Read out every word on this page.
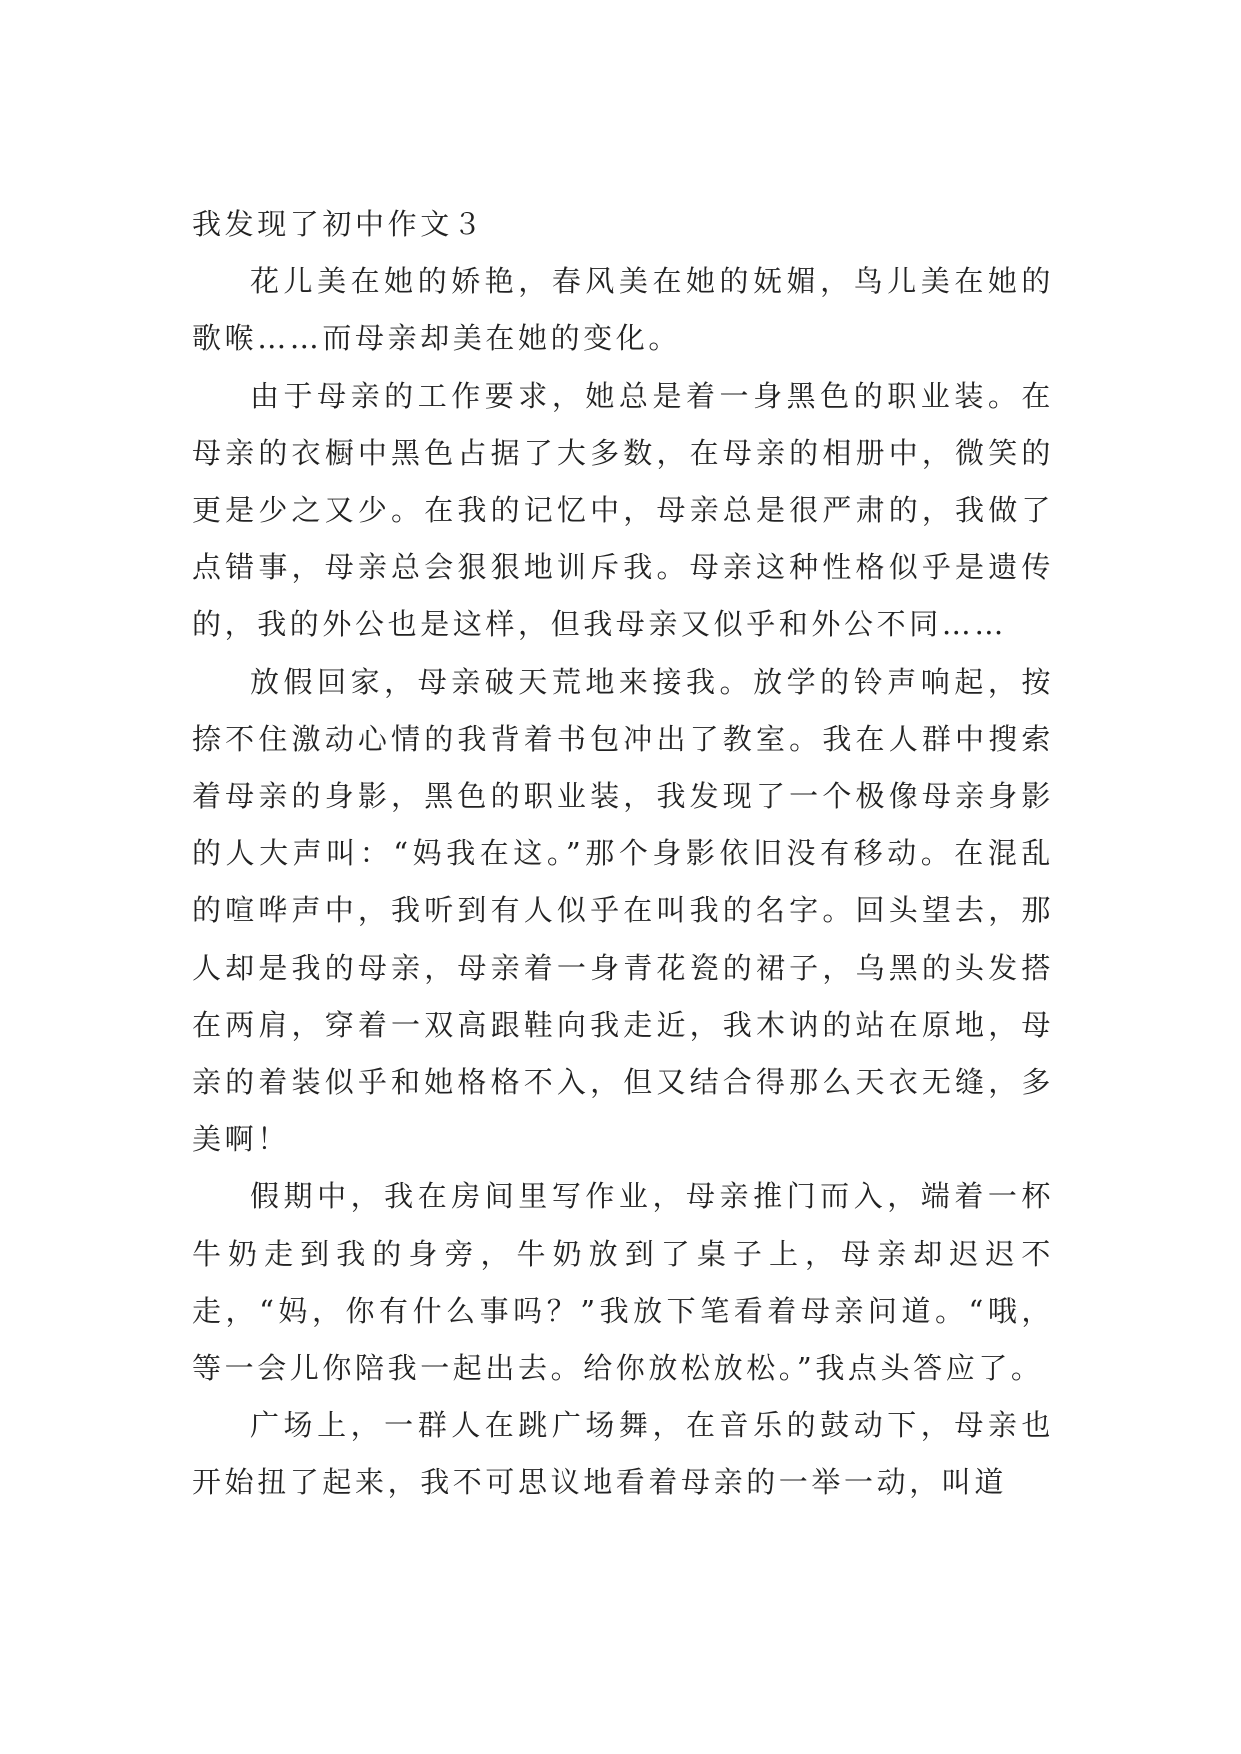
我发现了初中作文３

花儿美在她的娇艳，春风美在她的妩媚，鸟儿美在她的歌喉……而母亲却美在她的变化。

由于母亲的工作要求，她总是着一身黑色的职业装。在母亲的衣橱中黑色占据了大多数，在母亲的相册中，微笑的更是少之又少。在我的记忆中，母亲总是很严肃的，我做了点错事，母亲总会狠狠地训斥我。母亲这种性格似乎是遗传的，我的外公也是这样，但我母亲又似乎和外公不同……

放假回家，母亲破天荒地来接我。放学的铃声响起，按捺不住激动心情的我背着书包冲出了教室。我在人群中搜索着母亲的身影，黑色的职业装，我发现了一个极像母亲身影的人大声叫：“妈我在这。”那个身影依旧没有移动。在混乱的喧哗声中，我听到有人似乎在叫我的名字。回头望去，那人却是我的母亲，母亲着一身青花瓷的裙子，乌黑的头发搭在两肩，穿着一双高跟鞋向我走近，我木讷的站在原地，母亲的着装似乎和她格格不入，但又结合得那么天衣无缝，多美啊！

假期中，我在房间里写作业，母亲推门而入，端着一杯牛奶走到我的身旁，牛奶放到了桌子上，母亲却迟迟不走，“妈，你有什么事吗？”我放下笔看着母亲问道。“哦，等一会儿你陪我一起出去。给你放松放松。”我点头答应了。

广场上，一群人在跳广场舞，在音乐的鼓动下，母亲也开始扭了起来，我不可思议地看着母亲的一举一动，叫道
